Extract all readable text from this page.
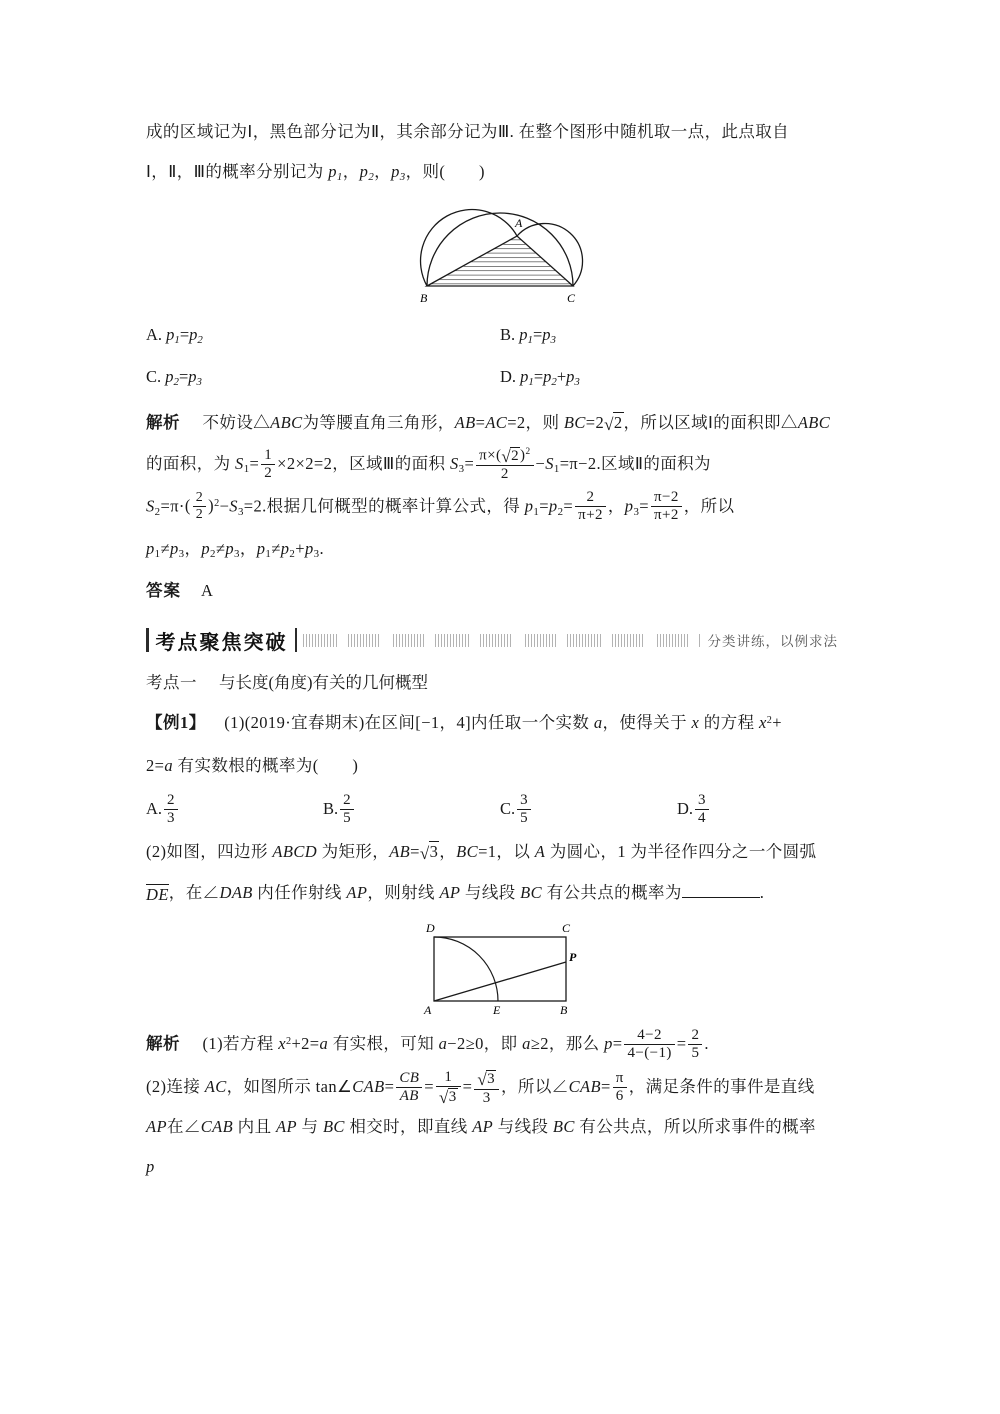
成的区域记为Ⅰ，黑色部分记为Ⅱ，其余部分记为Ⅲ. 在整个图形中随机取一点，此点取自
Ⅰ，Ⅱ，Ⅲ的概率分别记为 $p_1$，$p_2$，$p_3$，则(　　)
A
B	C
A. $p_1=p_2$	B. $p_1=p_3$
C. $p_2=p_3$	D. $p_1=p_2+p_3$
解析 不妨设△ABC为等腰直角三角形，AB=AC=2，则 BC=2√2，所以区域Ⅰ的面积即△ABC
的面积，为 $S_1= \frac{1}{2} \times 2\times 2=2$，区域Ⅲ的面积 $S_3= \frac{\pi\times(√2)^2}{2} -S_1=\pi-2$.区域Ⅱ的面积为
$S_2=\pi\cdot( \frac{2}{2} )^2-S_3=2$.根据几何概型的概率计算公式，得 $p_1=p_2= \frac{2}{\pi+2}$ ，$p_3= \frac{\pi-2}{\pi+2}$ ，所以
$p_1\ne p_3$，$p_2\ne p_3$，$p_1\ne p_2+p_3$.
答案 A
考点聚焦突破	分类讲练，以例求法
考点一 与长度(角度)有关的几何概型
【例1】 (1)(2019·宜春期末)在区间[−1，4]内任取一个实数 a，使得关于 x 的方程 $x^2+$
2=a 有实数根的概率为(　　)
A. $\frac{2}{3}$	B. $\frac{2}{5}$	C. $\frac{3}{5}$	D. $\frac{3}{4}$
(2)如图，四边形 ABCD 为矩形，AB=√3，BC=1，以 A 为圆心，1 为半径作四分之一个圆弧
DE，在∠DAB 内任作射线 AP，则射线 AP 与线段 BC 有公共点的概率为	.
A	B
C
D
E
P
解析 (1)若方程 $x^2+2=a$ 有实根，可知 a−2≥0，即 a≥2，那么 $p= \frac{4-2}{4-(-1)} = \frac{2}{5}$ .
(2)连接 AC，如图所示 tan∠CAB= $\frac{CB}{AB} = \frac{1}{√3} = \frac{√3}{3}$ ，所以∠CAB= $\frac{\pi}{6}$ ，满足条件的事件是直线
AP在∠CAB 内且 AP 与 BC 相交时，即直线 AP 与线段 BC 有公共点，所以所求事件的概率
p
